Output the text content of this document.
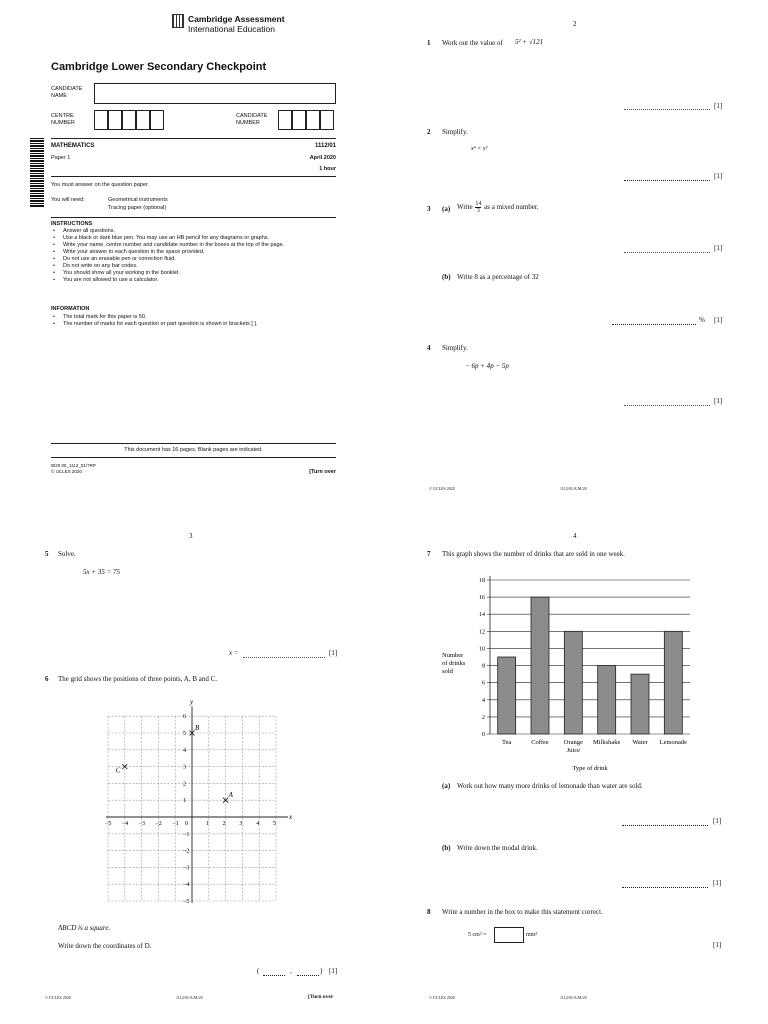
Cambridge Assessment
International Education
Cambridge Lower Secondary Checkpoint
CANDIDATE NAME
CENTRE NUMBER
CANDIDATE NUMBER
MATHEMATICS	1112/01
Paper 1	April 2020
1 hour
You must answer on the question paper.
You will need:	Geometrical instruments
Tracing paper (optional)
INSTRUCTIONS
• Answer all questions.
• Use a black or dark blue pen. You may use an HB pencil for any diagrams or graphs.
• Write your name, centre number and candidate number in the boxes at the top of the page.
• Write your answer to each question in the space provided.
• Do not use an erasable pen or correction fluid.
• Do not write on any bar codes.
• You should show all your working in the booklet.
• You are not allowed to use a calculator.
INFORMATION
• The total mark for this paper is 50.
• The number of marks for each question or part question is shown in brackets [ ].
This document has 16 pages. Blank pages are indicated.
IB20 05_1112_01/7RP
© UCLES 2020	[Turn over
2
1 Work out the value of 5² + √121
[1]
2 Simplify.
x⁴ × x³
[1]
3 (a) Write $\frac{14}{3}$ as a mixed number.
[1]
(b) Write 8 as a percentage of 32
% [1]
4 Simplify.
− 6p + 4p − 5p
[1]
© UCLES 2020	1112/01/A/M/20
3
5 Solve.
5x + 35 = 75
x =	[1]
6 The grid shows the positions of three points, A, B and C.
x
y
0
−5 −4 −3 −2 −1	1 2 3 4 5
6
5
4
3
2
1
−1
−2
−3
−4
−5
A
B
C
ABCD is a square.
Write down the coordinates of D.
(	,	) [1]
© UCLES 2020	1112/01/A/M/20	[Turn over
4
7 This graph shows the number of drinks that are sold in one week.
0
2
4
6
8
10
12
14
16
18
Tea	Coffee Orange
Juice
Milkshake Water Lemonade
Type of drink
Number
of drinks
sold
(a) Work out how many more drinks of lemonade than water are sold.
[1]
(b) Write down the modal drink.
[1]
8 Write a number in the box to make this statement correct.
5 cm² =	mm²
[1]
© UCLES 2020	1112/01/A/M/20
